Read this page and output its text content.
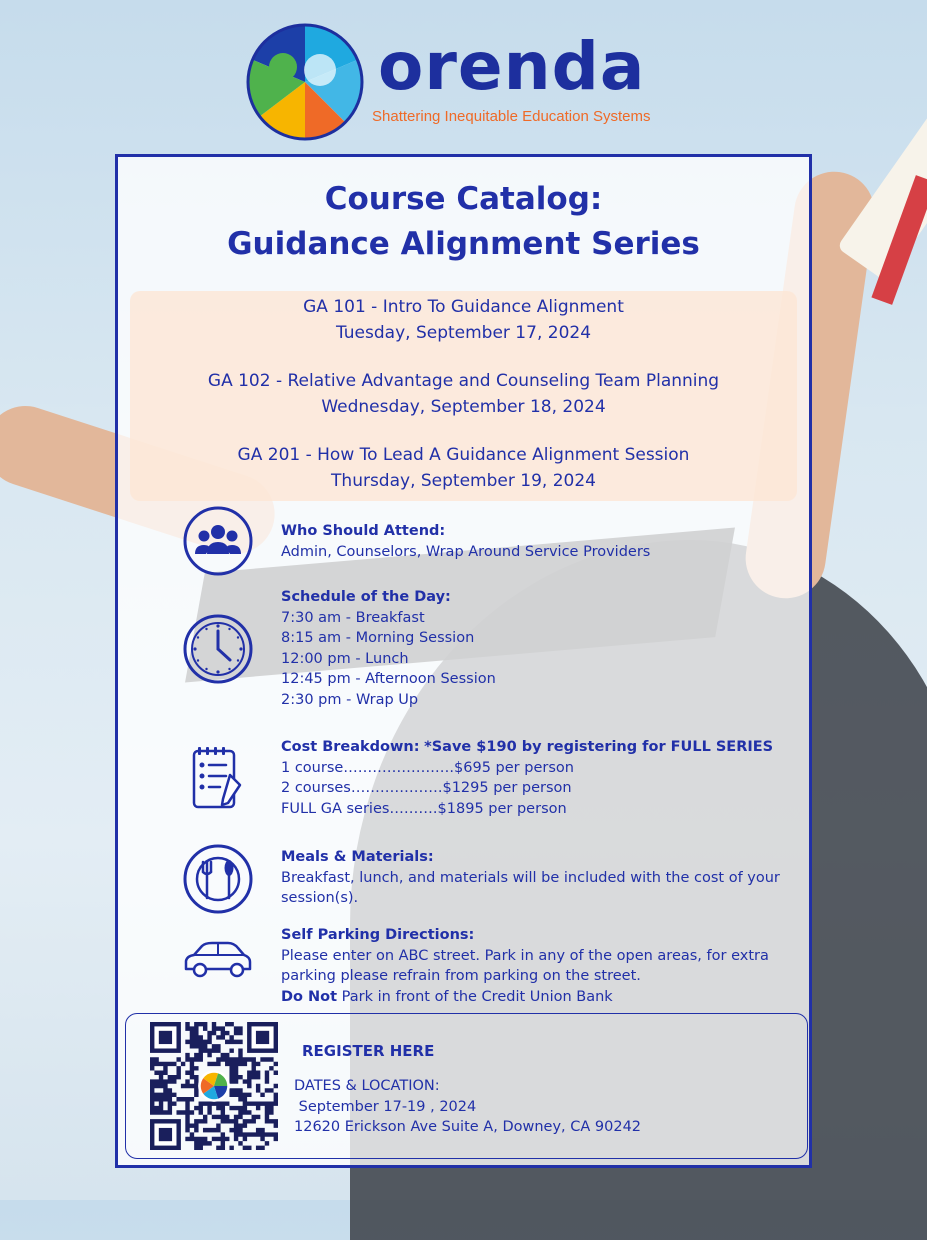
orenda
Shattering Inequitable Education Systems
Course Catalog:
Guidance Alignment Series
GA 101 - Intro To Guidance Alignment
Tuesday, September 17, 2024
GA 102 - Relative Advantage and Counseling Team Planning
Wednesday, September 18, 2024
GA 201 - How To Lead A Guidance Alignment Session
Thursday, September 19, 2024
Who Should Attend:
Admin, Counselors, Wrap Around Service Providers
Schedule of the Day:
7:30 am - Breakfast
8:15 am - Morning Session
12:00 pm - Lunch
12:45 pm - Afternoon Session
2:30 pm - Wrap Up
Cost Breakdown: *Save $190 by registering for FULL SERIES
1 course……………….….$695 per person
2 courses……………….$1295 per person
FULL GA series……….$1895 per person
Meals & Materials:
Breakfast, lunch, and materials will be included with the cost of your session(s).
Self Parking Directions:
Please enter on ABC street. Park in any of the open areas, for extra parking please refrain from parking on the street.
Do Not Park in front of the Credit Union Bank
REGISTER HERE
DATES & LOCATION:
September 17-19 , 2024
12620 Erickson Ave Suite A, Downey, CA 90242
